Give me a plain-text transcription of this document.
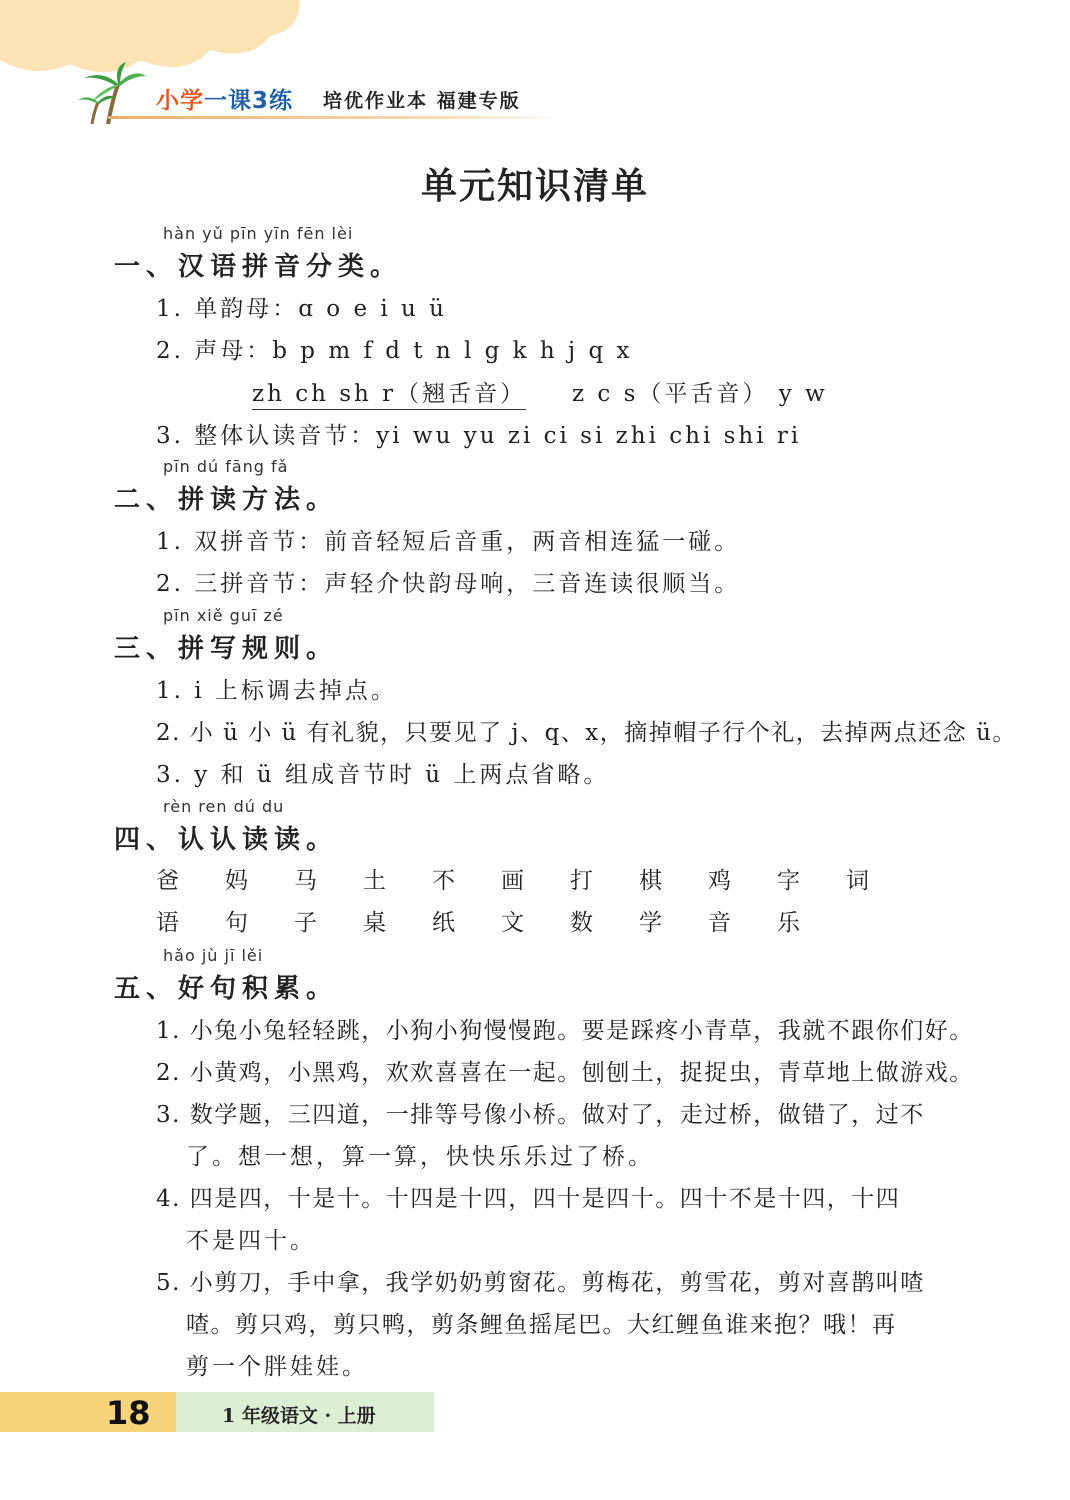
小学一课3练 培优作业本 福建专版
单元知识清单
hàn yǔ pīn yīn fēn lèi
一、汉语拼音分类。
1. 单韵母：ɑ o e i u ü
2. 声母：b p m f d t n l g k h j q x
zh ch sh r（翘舌音） z c s（平舌音） y w
3. 整体认读音节：yi wu yu zi ci si zhi chi shi ri
pīn dú fāng fǎ
二、拼读方法。
1. 双拼音节：前音轻短后音重，两音相连猛一碰。
2. 三拼音节：声轻介快韵母响，三音连读很顺当。
pīn xiě guī zé
三、拼写规则。
1. i 上标调去掉点。
2. 小 ü 小 ü 有礼貌，只要见了 j、q、x，摘掉帽子行个礼，去掉两点还念 ü。
3. y 和 ü 组成音节时 ü 上两点省略。
rèn ren dú du
四、认认读读。
爸	妈	马	土	不	画	打	棋	鸡	字	词
语	句	子	桌	纸	文	数	学	音	乐
hǎo jù jī lěi
五、好句积累。
1. 小兔小兔轻轻跳，小狗小狗慢慢跑。要是踩疼小青草，我就不跟你们好。
2. 小黄鸡，小黑鸡，欢欢喜喜在一起。刨刨土，捉捉虫，青草地上做游戏。
3. 数学题，三四道，一排等号像小桥。做对了，走过桥，做错了，过不
了。想一想，算一算，快快乐乐过了桥。
4. 四是四，十是十。十四是十四，四十是四十。四十不是十四，十四
不是四十。
5. 小剪刀，手中拿，我学奶奶剪窗花。剪梅花，剪雪花，剪对喜鹊叫喳
喳。剪只鸡，剪只鸭，剪条鲤鱼摇尾巴。大红鲤鱼谁来抱？哦！再
剪一个胖娃娃。
18	1 年级语文 · 上册
